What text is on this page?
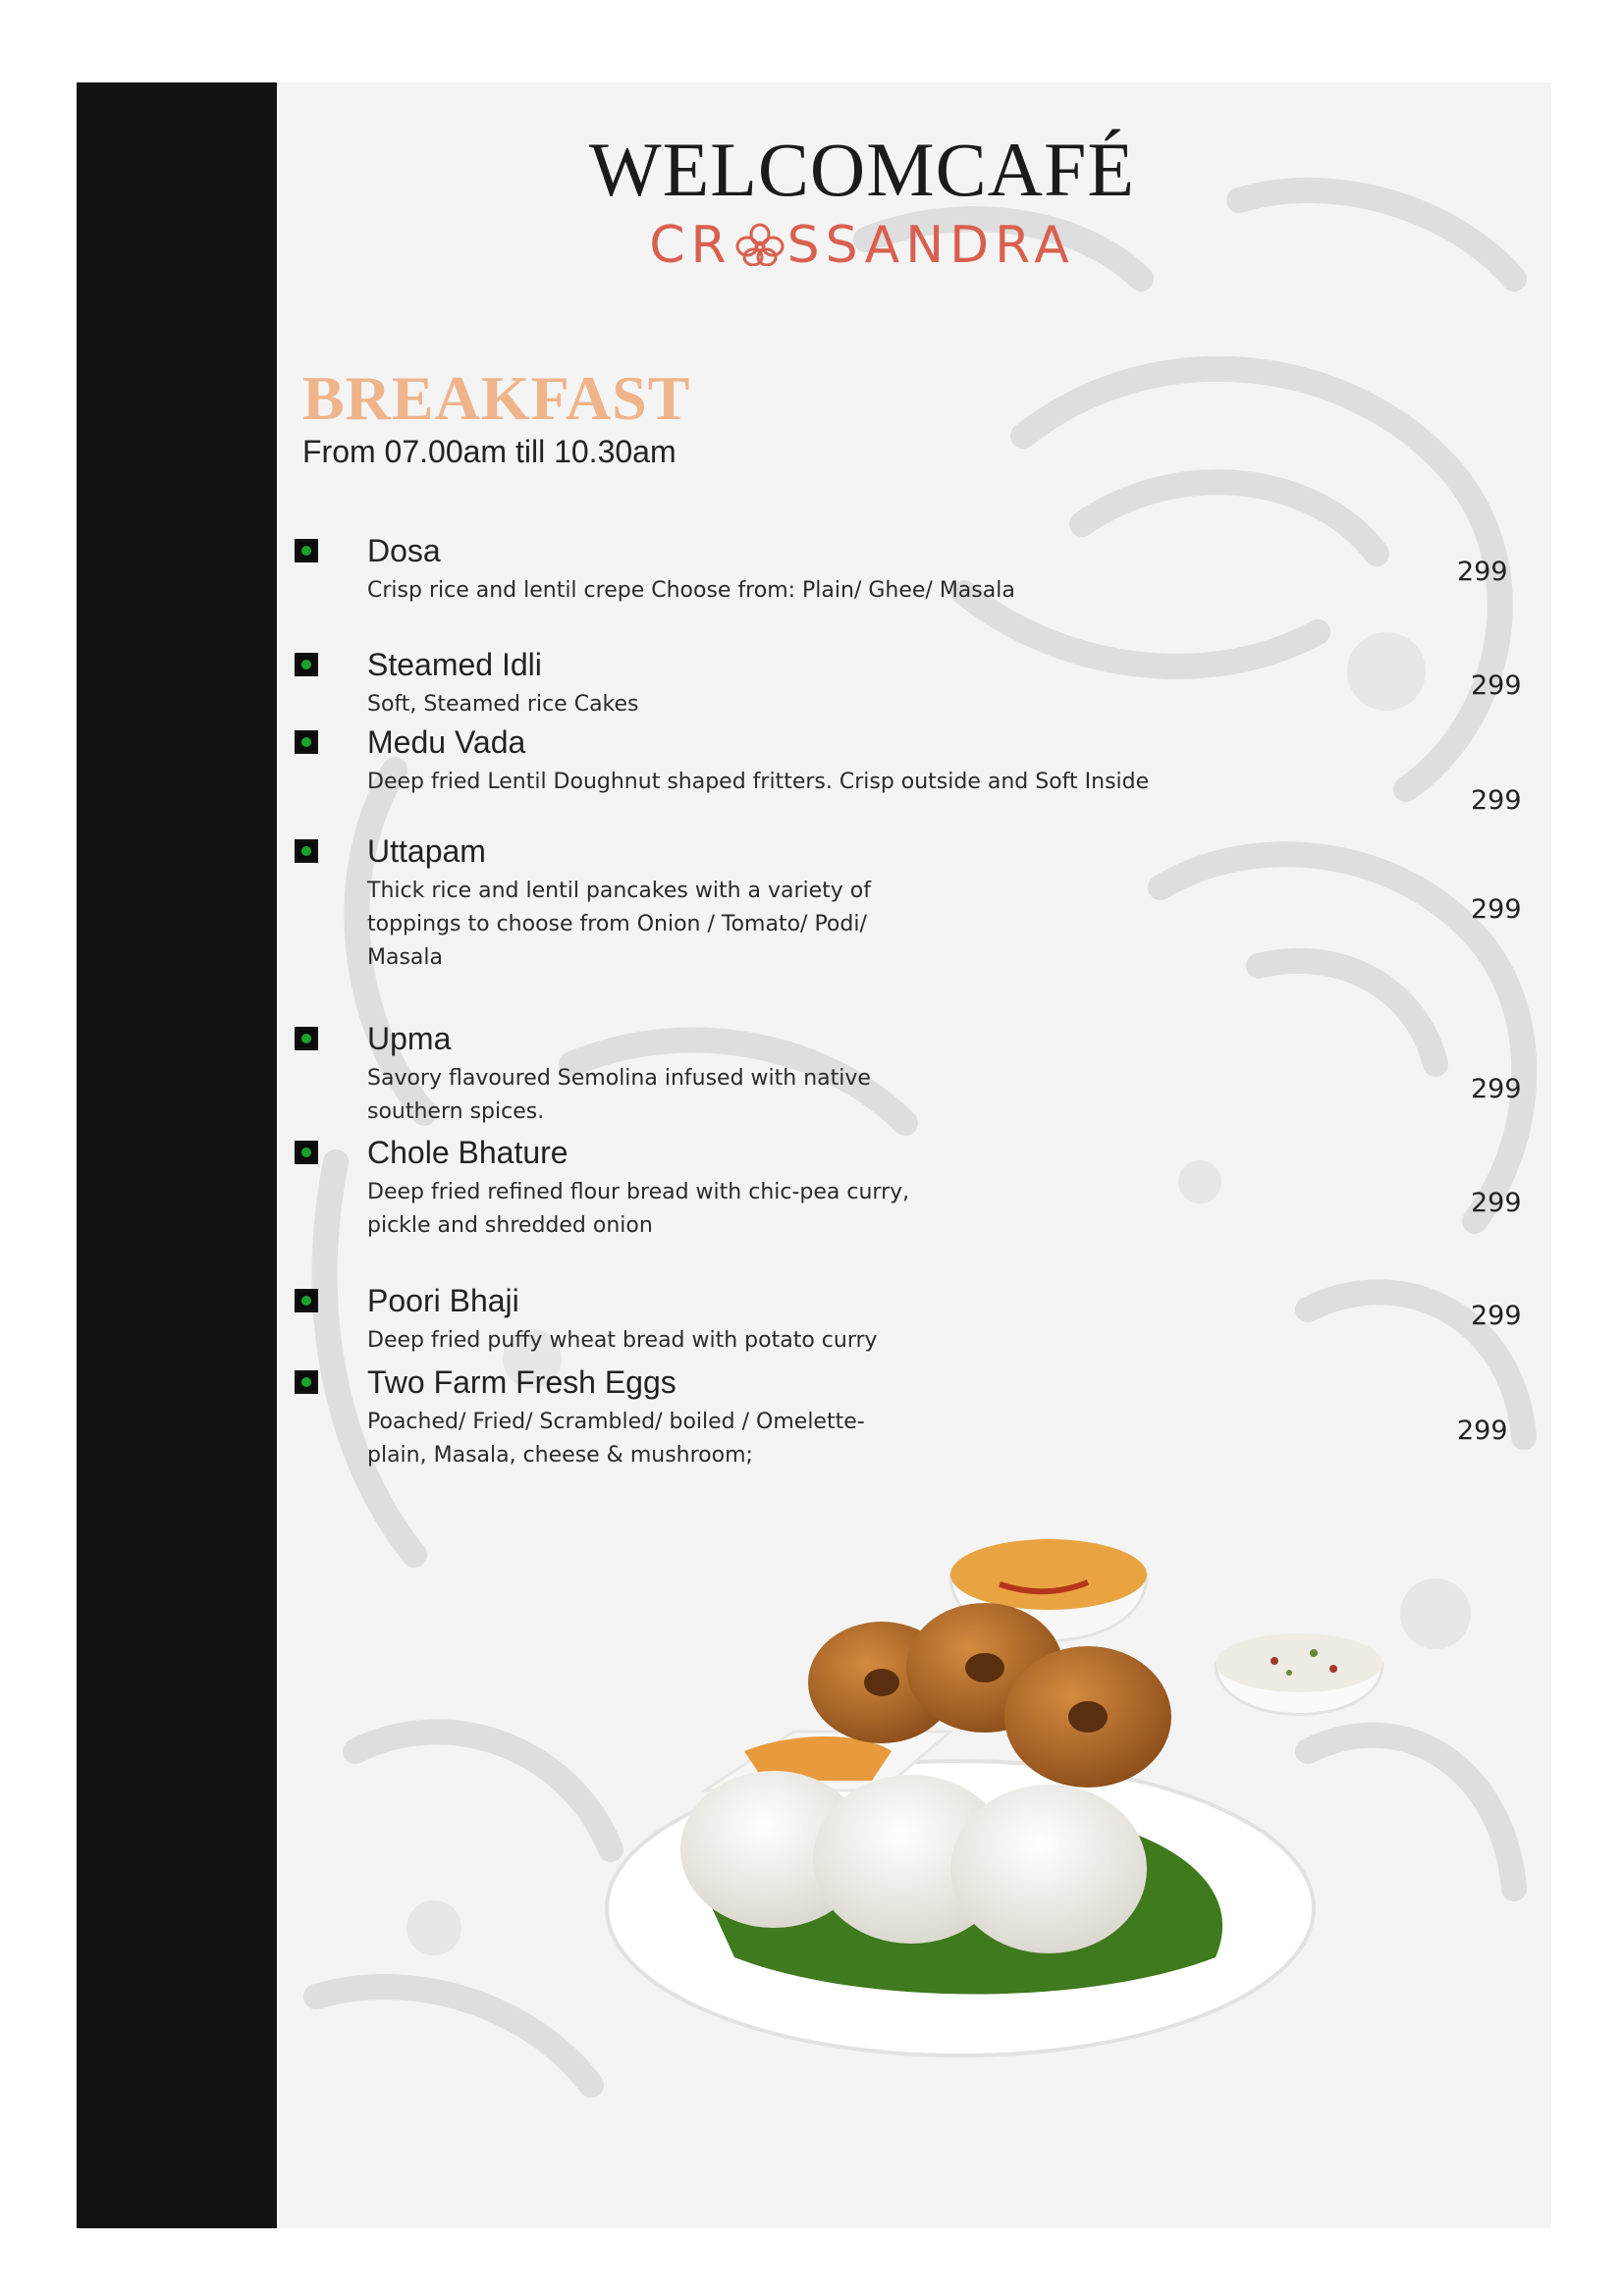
WELCOMCAFÉ
CR SSANDRA
BREAKFAST
From 07.00am till 10.30am
Dosa
Crisp rice and lentil crepe Choose from: Plain/ Ghee/ Masala
299
Steamed Idli
Soft, Steamed rice Cakes
299
Medu Vada
Deep fried Lentil Doughnut shaped fritters. Crisp outside and Soft Inside
299
Uttapam
Thick rice and lentil pancakes with a variety of toppings to choose from Onion / Tomato/ Podi/ Masala
299
Upma
Savory flavoured Semolina infused with native southern spices.
299
Chole Bhature
Deep fried refined flour bread with chic-pea curry, pickle and shredded onion
299
Poori Bhaji
Deep fried puffy wheat bread with potato curry
299
Two Farm Fresh Eggs
Poached/ Fried/ Scrambled/ boiled / Omelette- plain, Masala, cheese & mushroom;
299
